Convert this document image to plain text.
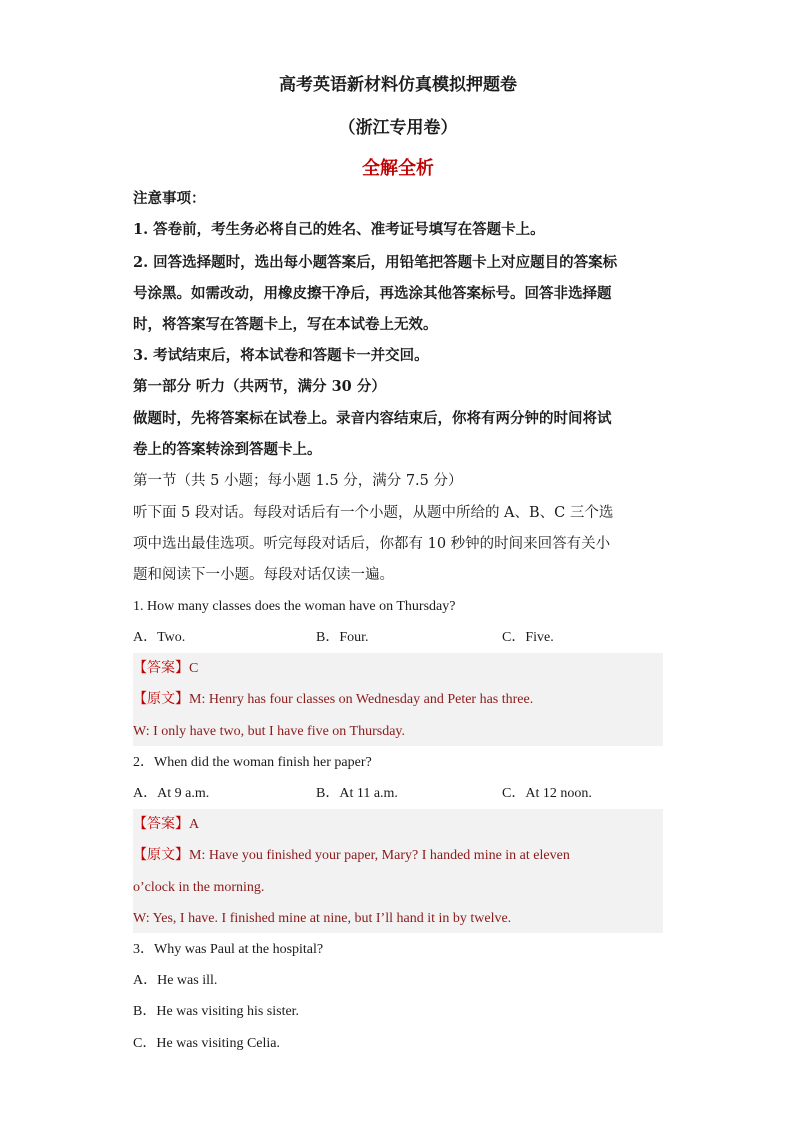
高考英语新材料仿真模拟押题卷
（浙江专用卷）
全解全析
注意事项：
1. 答卷前，考生务必将自己的姓名、准考证号填写在答题卡上。
2. 回答选择题时，选出每小题答案后，用铅笔把答题卡上对应题目的答案标
号涂黑。如需改动，用橡皮擦干净后，再选涂其他答案标号。回答非选择题
时，将答案写在答题卡上，写在本试卷上无效。
3. 考试结束后，将本试卷和答题卡一并交回。
第一部分 听力（共两节，满分 30 分）
做题时，先将答案标在试卷上。录音内容结束后，你将有两分钟的时间将试
卷上的答案转涂到答题卡上。
第一节（共 5 小题；每小题 1.5 分，满分 7.5 分）
听下面 5 段对话。每段对话后有一个小题，从题中所给的 A、B、C 三个选
项中选出最佳选项。听完每段对话后，你都有 10 秒钟的时间来回答有关小
题和阅读下一小题。每段对话仅读一遍。
1. How many classes does the woman have on Thursday?
A．Two.	B．Four.	C．Five.
【答案】C
【原文】M: Henry has four classes on Wednesday and Peter has three.
W: I only have two, but I have five on Thursday.
2．When did the woman finish her paper?
A．At 9 a.m.	B．At 11 a.m.	C．At 12 noon.
【答案】A
【原文】M: Have you finished your paper, Mary? I handed mine in at eleven
o’clock in the morning.
W: Yes, I have. I finished mine at nine, but I’ll hand it in by twelve.
3．Why was Paul at the hospital?
A．He was ill.
B．He was visiting his sister.
C．He was visiting Celia.
